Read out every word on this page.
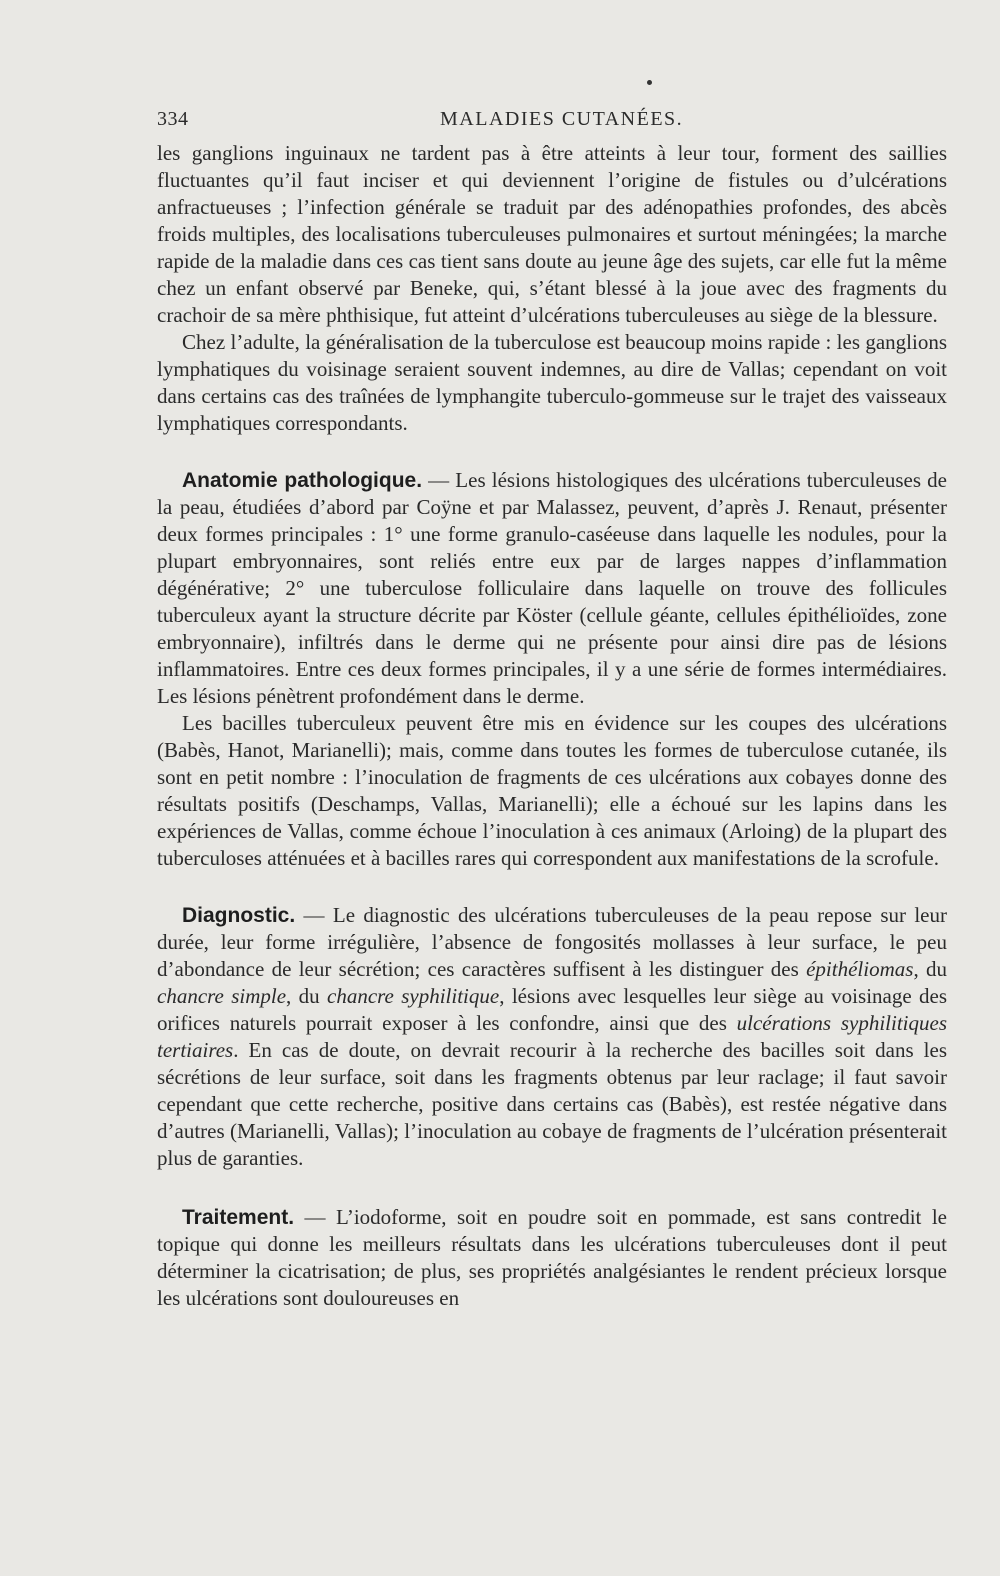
334	MALADIES CUTANÉES.

les ganglions inguinaux ne tardent pas à être atteints à leur tour, forment des saillies fluctuantes qu’il faut inciser et qui deviennent l’origine de fistules ou d’ulcérations anfractueuses ; l’infection générale se traduit par des adénopathies profondes, des abcès froids multiples, des localisations tuberculeuses pulmonaires et surtout méningées; la marche rapide de la maladie dans ces cas tient sans doute au jeune âge des sujets, car elle fut la même chez un enfant observé par Beneke, qui, s’étant blessé à la joue avec des fragments du crachoir de sa mère phthisique, fut atteint d’ulcérations tuberculeuses au siège de la blessure.

Chez l’adulte, la généralisation de la tuberculose est beaucoup moins rapide : les ganglions lymphatiques du voisinage seraient souvent indemnes, au dire de Vallas; cependant on voit dans certains cas des traînées de lymphangite tuberculo-gommeuse sur le trajet des vaisseaux lymphatiques correspondants.

Anatomie pathologique. — Les lésions histologiques des ulcérations tuberculeuses de la peau, étudiées d’abord par Coÿne et par Malassez, peuvent, d’après J. Renaut, présenter deux formes principales : 1° une forme granulo-caséeuse dans laquelle les nodules, pour la plupart embryonnaires, sont reliés entre eux par de larges nappes d’inflammation dégénérative; 2° une tuberculose folliculaire dans laquelle on trouve des follicules tuberculeux ayant la structure décrite par Köster (cellule géante, cellules épithélioïdes, zone embryonnaire), infiltrés dans le derme qui ne présente pour ainsi dire pas de lésions inflammatoires. Entre ces deux formes principales, il y a une série de formes intermédiaires. Les lésions pénètrent profondément dans le derme.

Les bacilles tuberculeux peuvent être mis en évidence sur les coupes des ulcérations (Babès, Hanot, Marianelli); mais, comme dans toutes les formes de tuberculose cutanée, ils sont en petit nombre : l’inoculation de fragments de ces ulcérations aux cobayes donne des résultats positifs (Deschamps, Vallas, Marianelli); elle a échoué sur les lapins dans les expériences de Vallas, comme échoue l’inoculation à ces animaux (Arloing) de la plupart des tuberculoses atténuées et à bacilles rares qui correspondent aux manifestations de la scrofule.

Diagnostic. — Le diagnostic des ulcérations tuberculeuses de la peau repose sur leur durée, leur forme irrégulière, l’absence de fongosités mollasses à leur surface, le peu d’abondance de leur sécrétion; ces caractères suffisent à les distinguer des épithéliomas, du chancre simple, du chancre syphilitique, lésions avec lesquelles leur siège au voisinage des orifices naturels pourrait exposer à les confondre, ainsi que des ulcérations syphilitiques tertiaires. En cas de doute, on devrait recourir à la recherche des bacilles soit dans les sécrétions de leur surface, soit dans les fragments obtenus par leur raclage; il faut savoir cependant que cette recherche, positive dans certains cas (Babès), est restée négative dans d’autres (Marianelli, Vallas); l’inoculation au cobaye de fragments de l’ulcération présenterait plus de garanties.

Traitement. — L’iodoforme, soit en poudre soit en pommade, est sans contredit le topique qui donne les meilleurs résultats dans les ulcérations tuberculeuses dont il peut déterminer la cicatrisation; de plus, ses propriétés analgésiantes le rendent précieux lorsque les ulcérations sont douloureuses en
